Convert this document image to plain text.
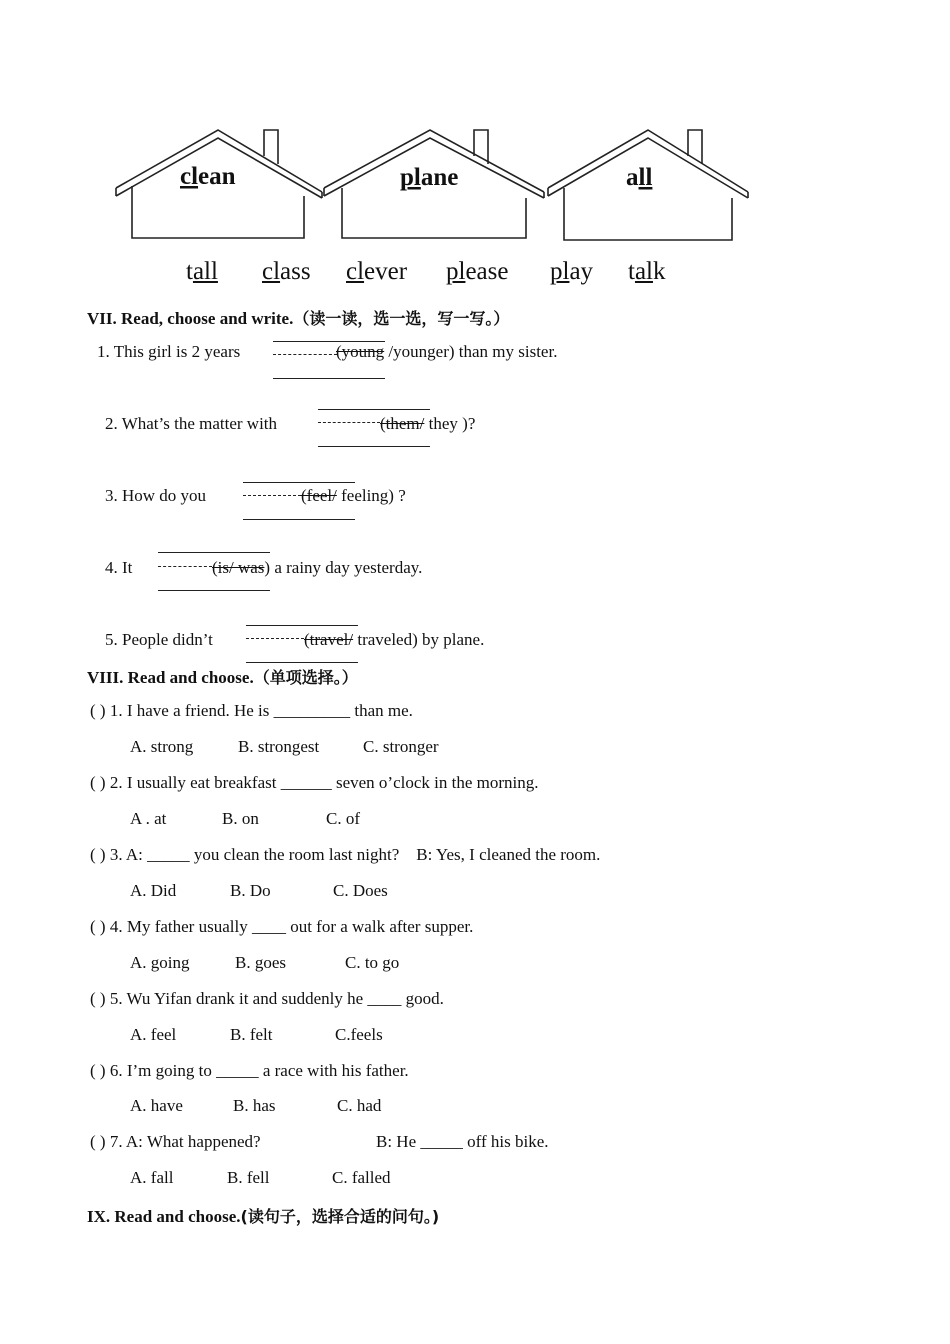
clean	plane	all
tall class clever please play talk
VII. Read, choose and write.（读一读，选一选，写一写。）
1. This girl is 2 years	(young /younger) than my sister.
2. What’s the matter with	(them/ they )?
3. How do you	(feel/ feeling) ?
4. It	(is/ was) a rainy day yesterday.
5. People didn’t	(travel/ traveled) by plane.
VIII. Read and choose.（单项选择。）
( ) 1. I have a friend. He is _________ than me.
A. strong	B. strongest	C. stronger
( ) 2. I usually eat breakfast ______ seven o’clock in the morning.
A . at	B. on	C. of
( ) 3. A: _____ you clean the room last night?    B: Yes, I cleaned the room.
A. Did	B. Do	C. Does
( ) 4. My father usually ____ out for a walk after supper.
A. going	B. goes	C. to go
( ) 5. Wu Yifan drank it and suddenly he ____ good.
A. feel	B. felt	C.feels
( ) 6. I’m going to _____ a race with his father.
A. have	B. has	C. had
( ) 7. A: What happened?	B: He _____ off his bike.
A. fall	B. fell	C. falled
IX. Read and choose.(读句子，选择合适的问句。)
